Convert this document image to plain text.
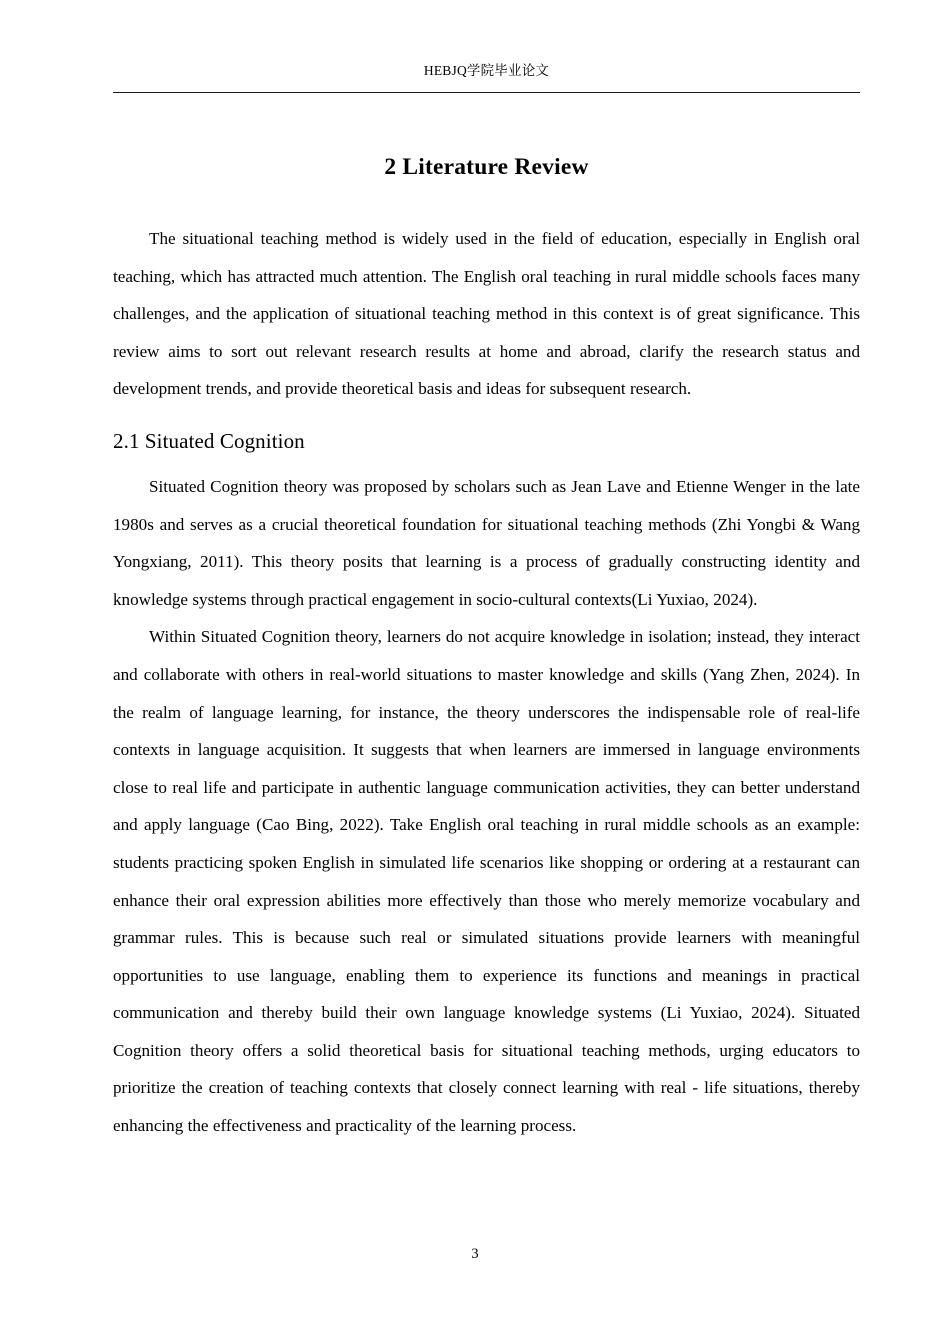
HEBJQ学院毕业论文
2 Literature Review

The situational teaching method is widely used in the field of education, especially in English oral teaching, which has attracted much attention. The English oral teaching in rural middle schools faces many challenges, and the application of situational teaching method in this context is of great significance. This review aims to sort out relevant research results at home and abroad, clarify the research status and development trends, and provide theoretical basis and ideas for subsequent research.

2.1 Situated Cognition

Situated Cognition theory was proposed by scholars such as Jean Lave and Etienne Wenger in the late 1980s and serves as a crucial theoretical foundation for situational teaching methods (Zhi Yongbi & Wang Yongxiang, 2011). This theory posits that learning is a process of gradually constructing identity and knowledge systems through practical engagement in socio-cultural contexts(Li Yuxiao, 2024).

Within Situated Cognition theory, learners do not acquire knowledge in isolation; instead, they interact and collaborate with others in real-world situations to master knowledge and skills (Yang Zhen, 2024). In the realm of language learning, for instance, the theory underscores the indispensable role of real-life contexts in language acquisition. It suggests that when learners are immersed in language environments close to real life and participate in authentic language communication activities, they can better understand and apply language (Cao Bing, 2022). Take English oral teaching in rural middle schools as an example: students practicing spoken English in simulated life scenarios like shopping or ordering at a restaurant can enhance their oral expression abilities more effectively than those who merely memorize vocabulary and grammar rules. This is because such real or simulated situations provide learners with meaningful opportunities to use language, enabling them to experience its functions and meanings in practical communication and thereby build their own language knowledge systems (Li Yuxiao, 2024). Situated Cognition theory offers a solid theoretical basis for situational teaching methods, urging educators to prioritize the creation of teaching contexts that closely connect learning with real - life situations, thereby enhancing the effectiveness and practicality of the learning process.

3
